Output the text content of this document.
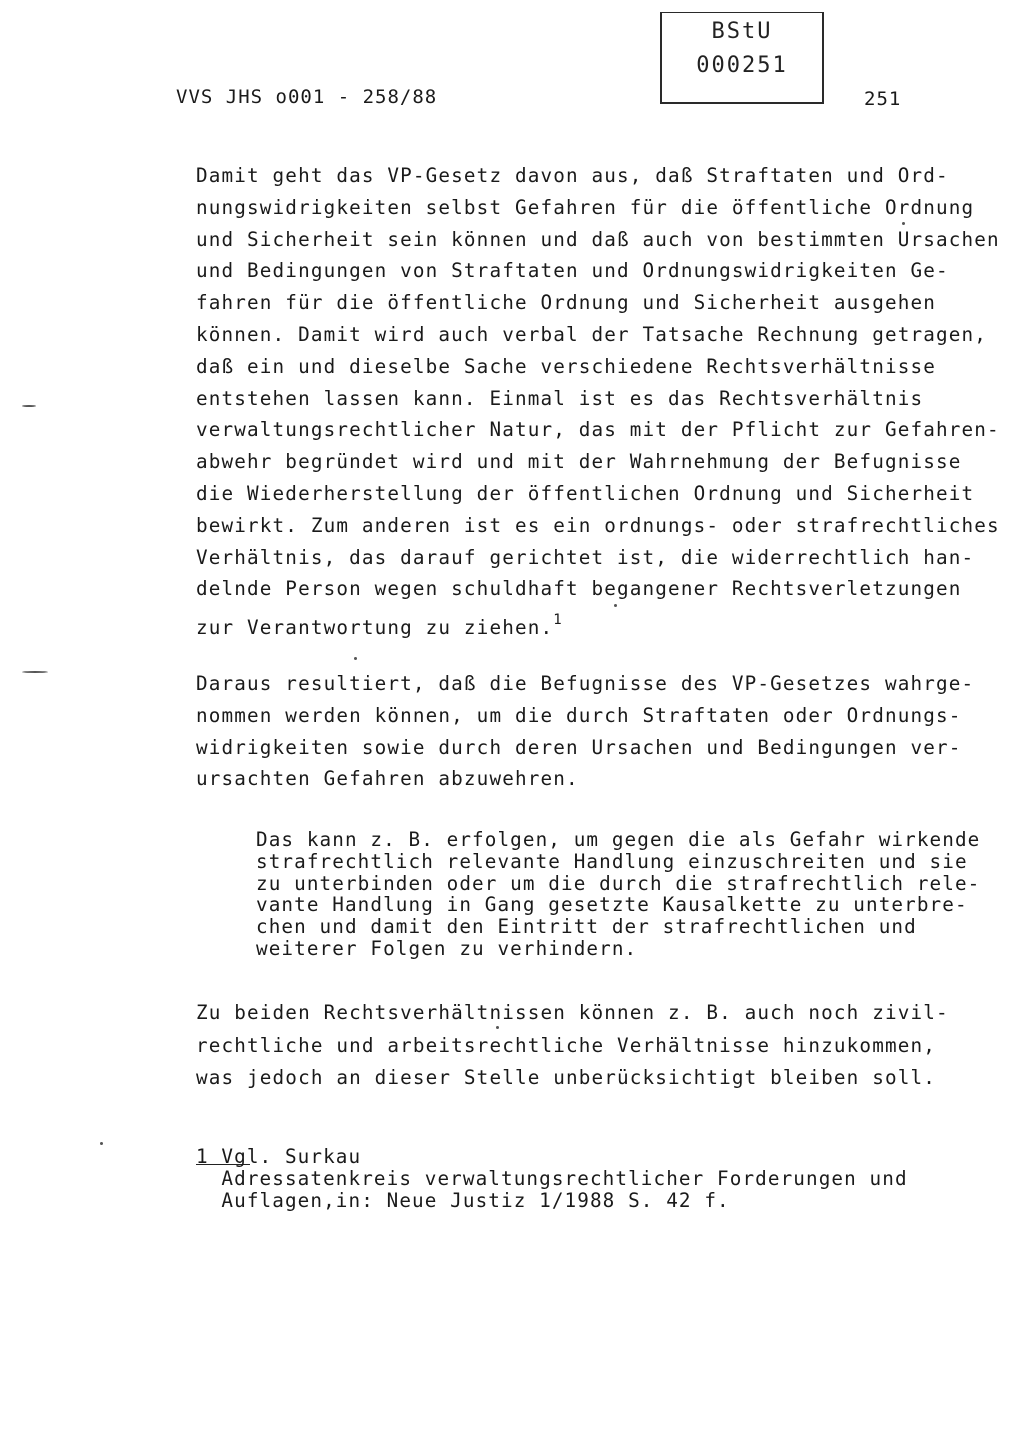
VVS JHS o001 - 258/88
BStU
000251
251

Damit geht das VP-Gesetz davon aus, daß Straftaten und Ord-
nungswidrigkeiten selbst Gefahren für die öffentliche Ordnung
und Sicherheit sein können und daß auch von bestimmten Ursachen
und Bedingungen von Straftaten und Ordnungswidrigkeiten Ge-
fahren für die öffentliche Ordnung und Sicherheit ausgehen
können. Damit wird auch verbal der Tatsache Rechnung getragen,
daß ein und dieselbe Sache verschiedene Rechtsverhältnisse
entstehen lassen kann. Einmal ist es das Rechtsverhältnis
verwaltungsrechtlicher Natur, das mit der Pflicht zur Gefahren-
abwehr begründet wird und mit der Wahrnehmung der Befugnisse
die Wiederherstellung der öffentlichen Ordnung und Sicherheit
bewirkt. Zum anderen ist es ein ordnungs- oder strafrechtliches
Verhältnis, das darauf gerichtet ist, die widerrechtlich han-
delnde Person wegen schuldhaft begangener Rechtsverletzungen
zur Verantwortung zu ziehen.$^1$

Daraus resultiert, daß die Befugnisse des VP-Gesetzes wahrge-
nommen werden können, um die durch Straftaten oder Ordnungs-
widrigkeiten sowie durch deren Ursachen und Bedingungen ver-
ursachten Gefahren abzuwehren.

Das kann z. B. erfolgen, um gegen die als Gefahr wirkende
strafrechtlich relevante Handlung einzuschreiten und sie
zu unterbinden oder um die durch die strafrechtlich rele-
vante Handlung in Gang gesetzte Kausalkette zu unterbre-
chen und damit den Eintritt der strafrechtlichen und
weiterer Folgen zu verhindern.

Zu beiden Rechtsverhältnissen können z. B. auch noch zivil-
rechtliche und arbeitsrechtliche Verhältnisse hinzukommen,
was jedoch an dieser Stelle unberücksichtigt bleiben soll.

1 Vgl. Surkau
Adressatenkreis verwaltungsrechtlicher Forderungen und
Auflagen,in: Neue Justiz 1/1988 S. 42 f.
